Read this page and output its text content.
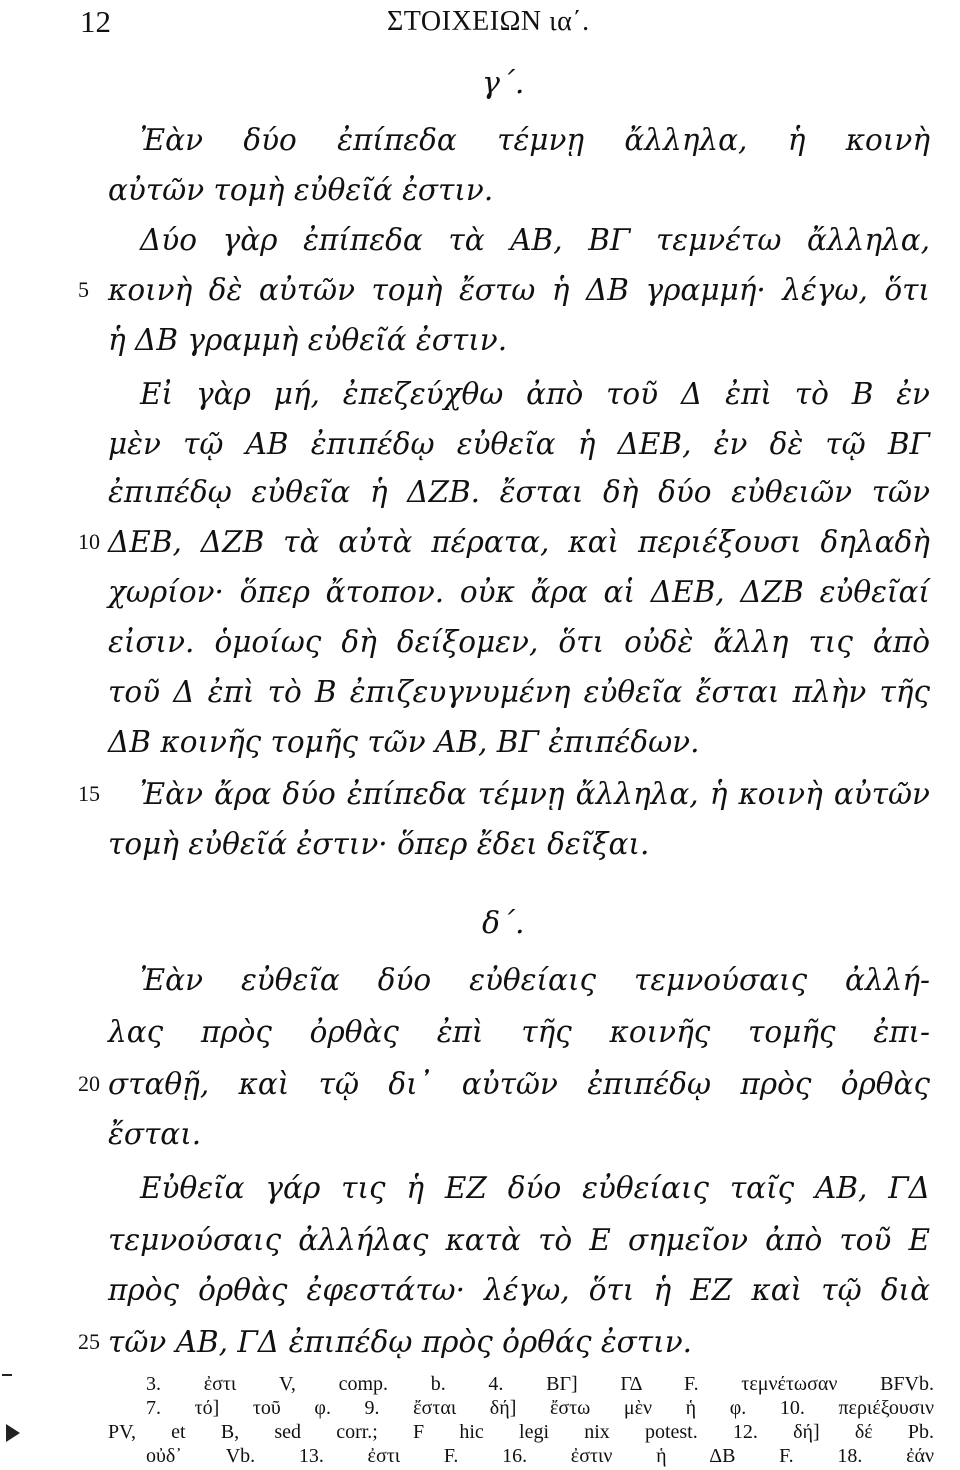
12	ΣΤΟΙΧΕΙΩΝ ια΄.
γ΄.
Ἐὰν δύο ἐπίπεδα τέμνῃ ἄλληλα, ἡ κοινὴ
αὐτῶν τομὴ εὐθεῖά ἐστιν.
Δύο γὰρ ἐπίπεδα τὰ ΑΒ, ΒΓ τεμνέτω ἄλληλα,
5 κοινὴ δὲ αὐτῶν τομὴ ἔστω ἡ ΔΒ γραμμή· λέγω, ὅτι
ἡ ΔΒ γραμμὴ εὐθεῖά ἐστιν.
Εἰ γὰρ μή, ἐπεζεύχθω ἀπὸ τοῦ Δ ἐπὶ τὸ Β ἐν
μὲν τῷ ΑΒ ἐπιπέδῳ εὐθεῖα ἡ ΔΕΒ, ἐν δὲ τῷ ΒΓ
ἐπιπέδῳ εὐθεῖα ἡ ΔΖΒ. ἔσται δὴ δύο εὐθειῶν τῶν
10 ΔΕΒ, ΔΖΒ τὰ αὐτὰ πέρατα, καὶ περιέξουσι δηλαδὴ
χωρίον· ὅπερ ἄτοπον. οὐκ ἄρα αἱ ΔΕΒ, ΔΖΒ εὐθεῖαί
εἰσιν. ὁμοίως δὴ δείξομεν, ὅτι οὐδὲ ἄλλη τις ἀπὸ
τοῦ Δ ἐπὶ τὸ Β ἐπιζευγνυμένη εὐθεῖα ἔσται πλὴν τῆς
ΔΒ κοινῆς τομῆς τῶν ΑΒ, ΒΓ ἐπιπέδων.
15 Ἐὰν ἄρα δύο ἐπίπεδα τέμνῃ ἄλληλα, ἡ κοινὴ αὐτῶν
τομὴ εὐθεῖά ἐστιν· ὅπερ ἔδει δεῖξαι.
δ΄.
Ἐὰν εὐθεῖα δύο εὐθείαις τεμνούσαις ἀλλή-
λας πρὸς ὀρθὰς ἐπὶ τῆς κοινῆς τομῆς ἐπι-
20 σταθῇ, καὶ τῷ δι᾽ αὐτῶν ἐπιπέδῳ πρὸς ὀρθὰς
ἔσται.
Εὐθεῖα γάρ τις ἡ ΕΖ δύο εὐθείαις ταῖς ΑΒ, ΓΔ
τεμνούσαις ἀλλήλας κατὰ τὸ Ε σημεῖον ἀπὸ τοῦ Ε
πρὸς ὀρθὰς ἐφεστάτω· λέγω, ὅτι ἡ ΕΖ καὶ τῷ διὰ
25 τῶν ΑΒ, ΓΔ ἐπιπέδῳ πρὸς ὀρθάς ἐστιν.
3. ἐστι V, comp. b. 4. ΒΓ] ΓΔ F. τεμνέτωσαν BFVb.
7. τό] τοῦ φ. 9. ἔσται δή] ἔστω μὲν ἡ φ. 10. περιέξουσιν
PV, et B, sed corr.; F hic legi nix potest. 12. δή] δέ Pb.
οὐδ᾽ Vb. 13. ἐστι F. 16. ἐστιν ἡ ΔΒ F. 18. ἐάν
